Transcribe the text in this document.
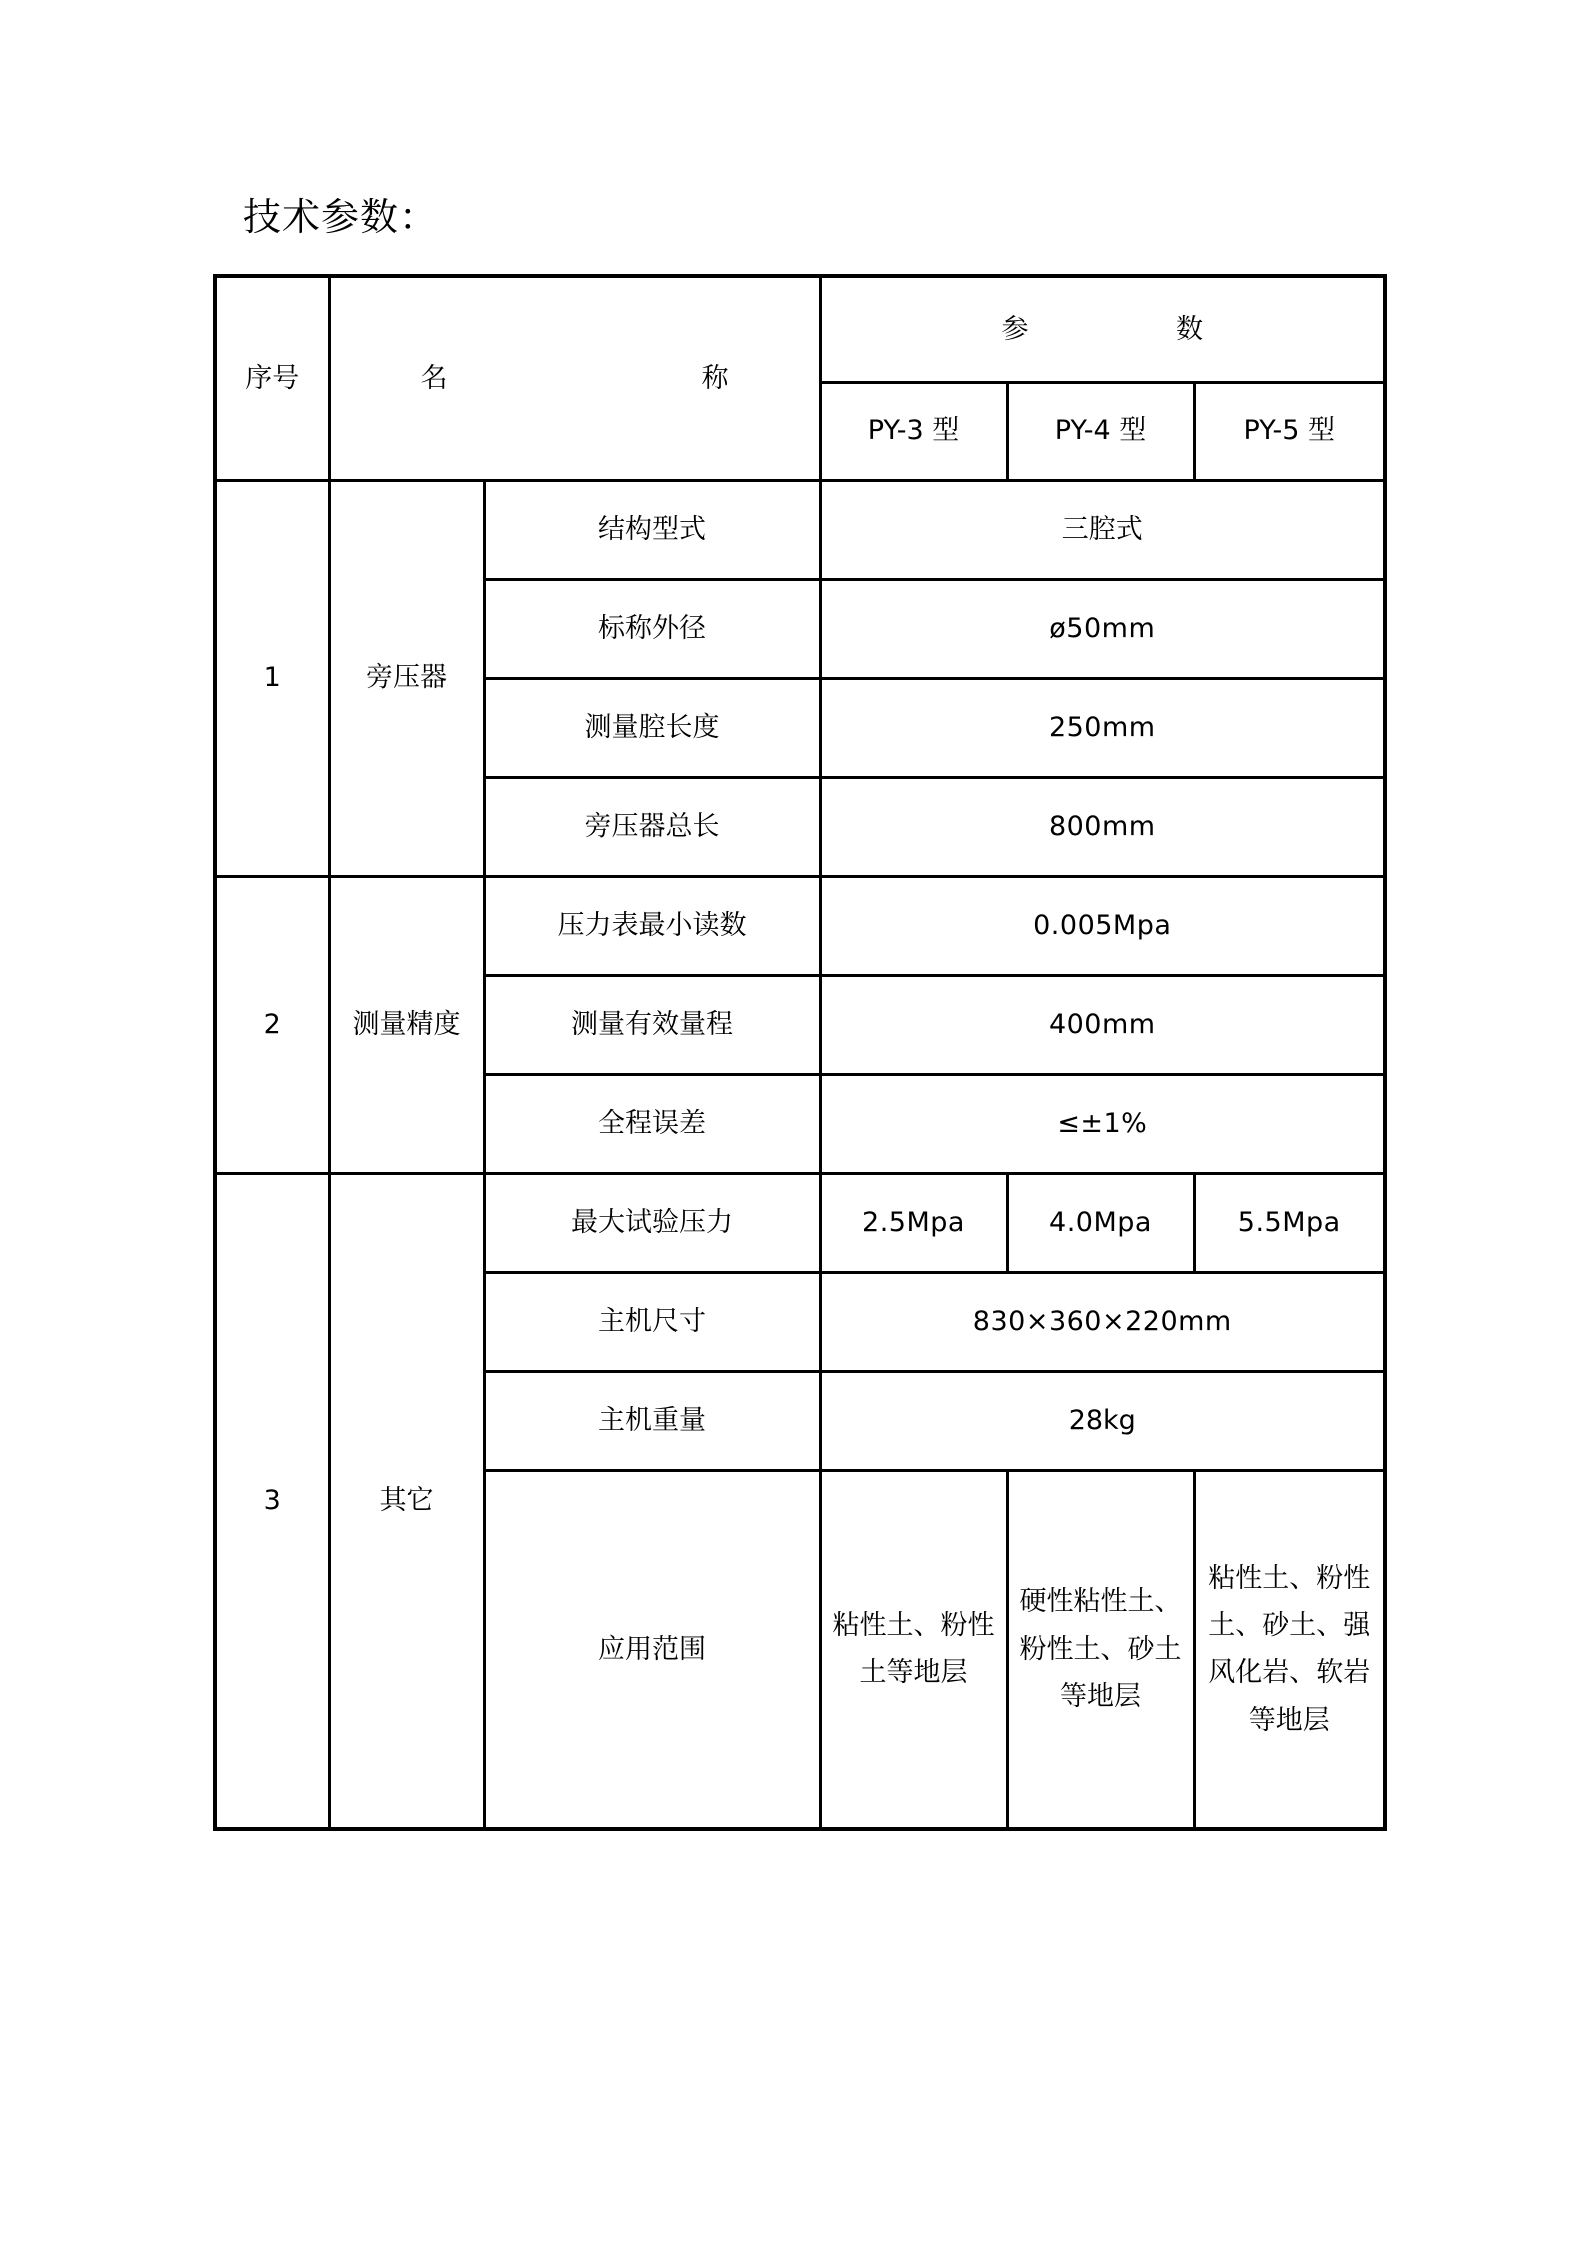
技术参数：
序号	名 称		参 数		

			PY-3 型	PY-4 型	PY-5 型
1	旁压器	结构型式	三腔式		
		标称外径	ø50mm		
		测量腔长度	250mm		
		旁压器总长	800mm		
2	测量精度	压力表最小读数	0.005Mpa		
		测量有效量程	400mm		
		全程误差	≤±1%		
3	其它	最大试验压力	2.5Mpa	4.0Mpa	5.5Mpa
		主机尺寸	830×360×220mm		
		主机重量	28kg		
		应用范围	粘性土、粉性土等地层	硬性粘性土、粉性土、砂土等地层	粘性土、粉性土、砂土、强风化岩、软岩等地层
